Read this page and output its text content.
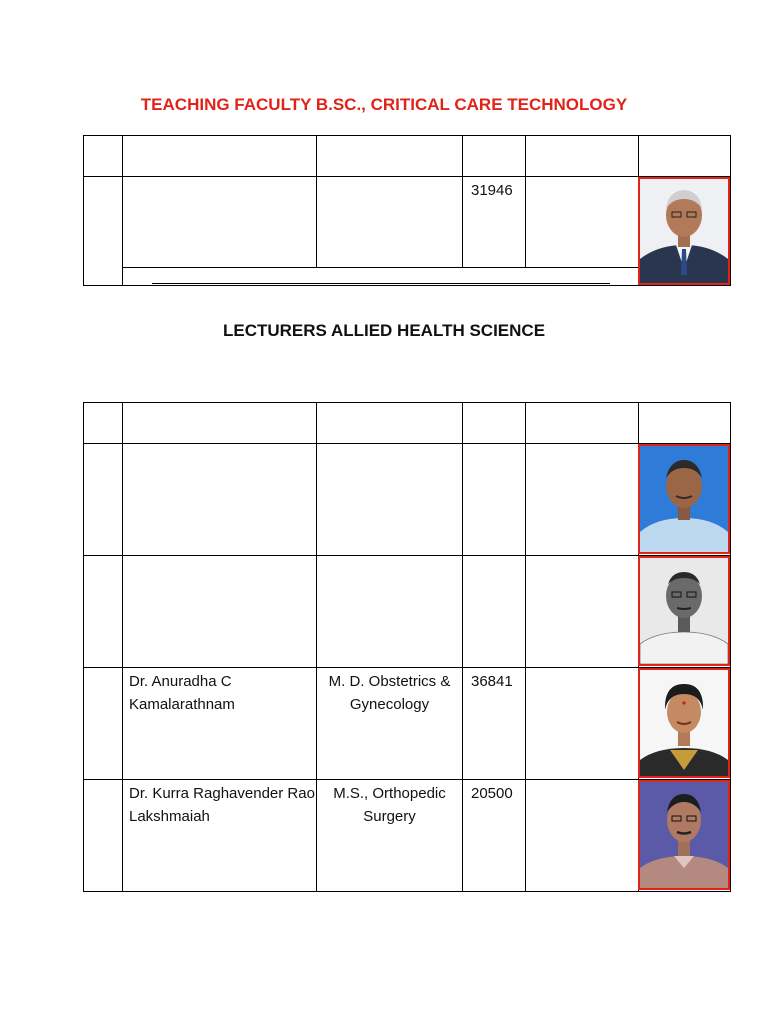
TEACHING FACULTY B.SC., CRITICAL CARE TECHNOLOGY

			31946		

LECTURERS ALLIED HEALTH SCIENCE

	Dr. Anuradha C Kamalarathnam	M. D. Obstetrics & Gynecology	36841		

	Dr. Kurra Raghavender Rao Lakshmaiah	M.S., Orthopedic Surgery	20500		
